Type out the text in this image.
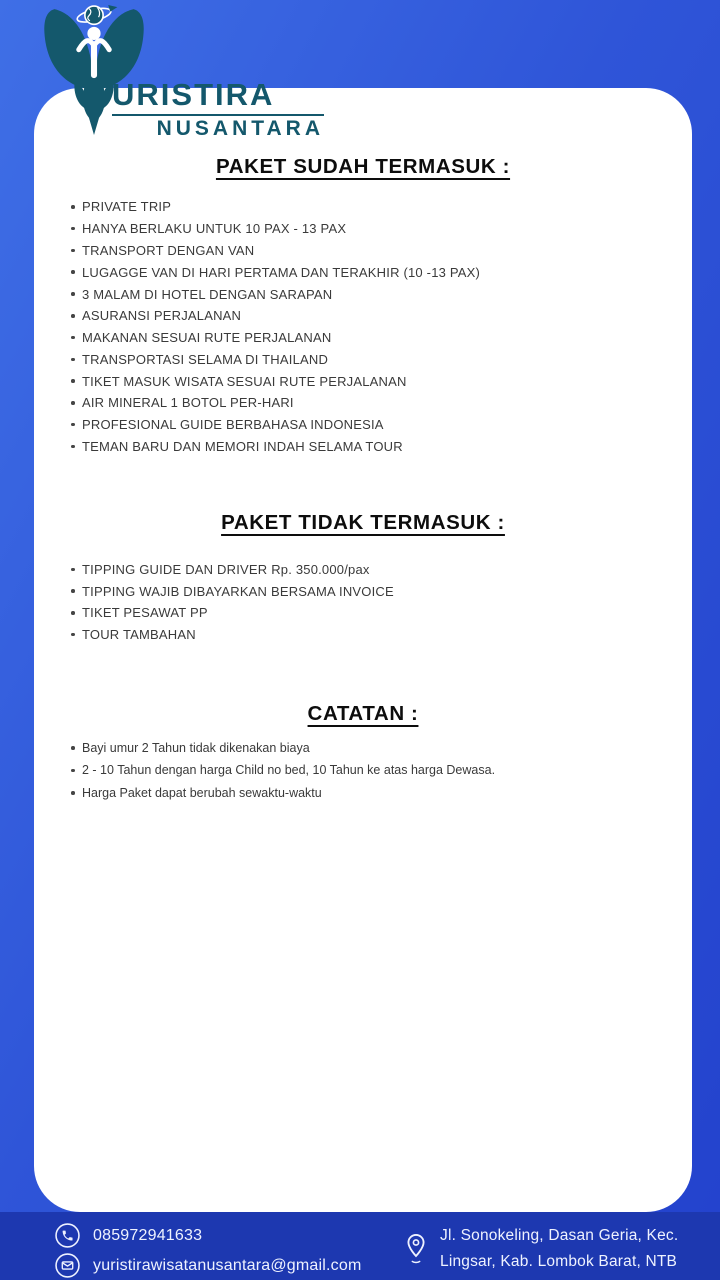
PAKET SUDAH TERMASUK :
PRIVATE TRIP
HANYA BERLAKU UNTUK 10 PAX - 13 PAX
TRANSPORT DENGAN VAN
LUGAGGE VAN DI HARI PERTAMA DAN TERAKHIR (10 -13 PAX)
3 MALAM DI HOTEL DENGAN SARAPAN
ASURANSI PERJALANAN
MAKANAN SESUAI RUTE PERJALANAN
TRANSPORTASI SELAMA DI THAILAND
TIKET MASUK WISATA SESUAI RUTE PERJALANAN
AIR MINERAL 1 BOTOL PER-HARI
PROFESIONAL GUIDE BERBAHASA INDONESIA
TEMAN BARU DAN MEMORI INDAH SELAMA TOUR
PAKET TIDAK TERMASUK :
TIPPING GUIDE DAN DRIVER Rp. 350.000/pax
TIPPING WAJIB DIBAYARKAN BERSAMA INVOICE
TIKET PESAWAT PP
TOUR TAMBAHAN
CATATAN :
Bayi umur 2 Tahun tidak dikenakan biaya
2 - 10 Tahun dengan harga Child no bed, 10 Tahun ke atas harga Dewasa.
Harga Paket dapat berubah sewaktu-waktu
URISTIRA
NUSANTARA
085972941633
yuristirawisatanusantara@gmail.com
Jl. Sonokeling, Dasan Geria, Kec.
Lingsar, Kab. Lombok Barat, NTB
